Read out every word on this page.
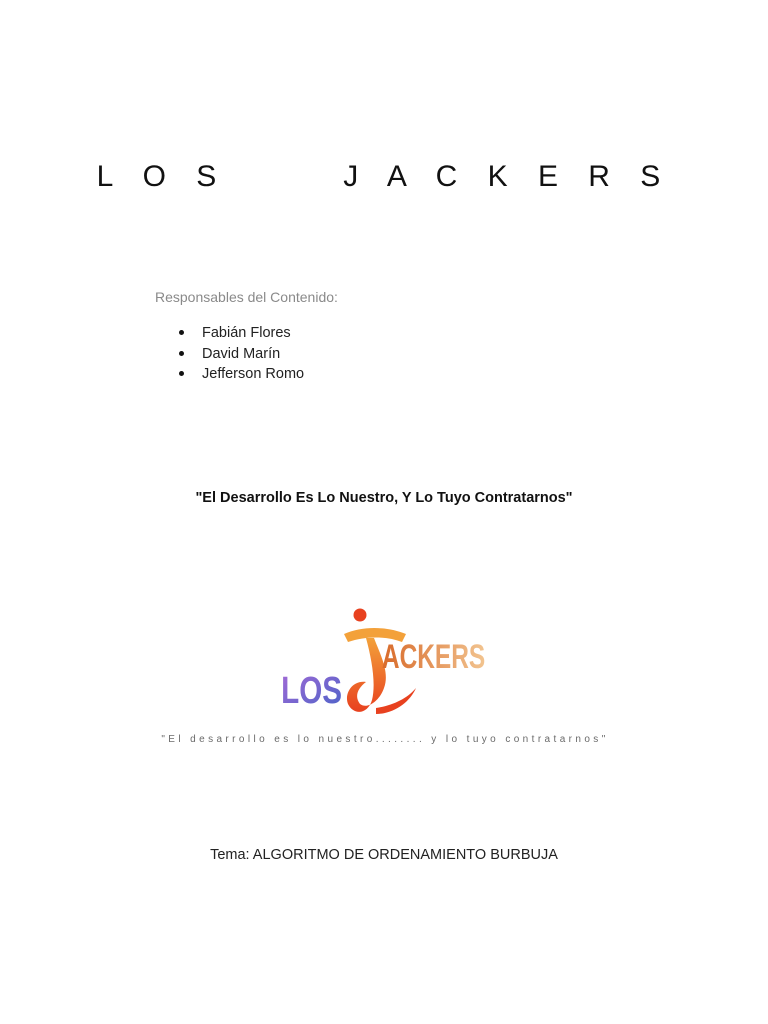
L O S      J A C K E R S
Responsables del Contenido:
Fabián Flores
David Marín
Jefferson Romo
"El Desarrollo Es Lo Nuestro, Y Lo Tuyo Contratarnos"
LOS
ACKERS
"El desarrollo es lo nuestro........ y lo tuyo contratarnos"
Tema: ALGORITMO DE ORDENAMIENTO BURBUJA
